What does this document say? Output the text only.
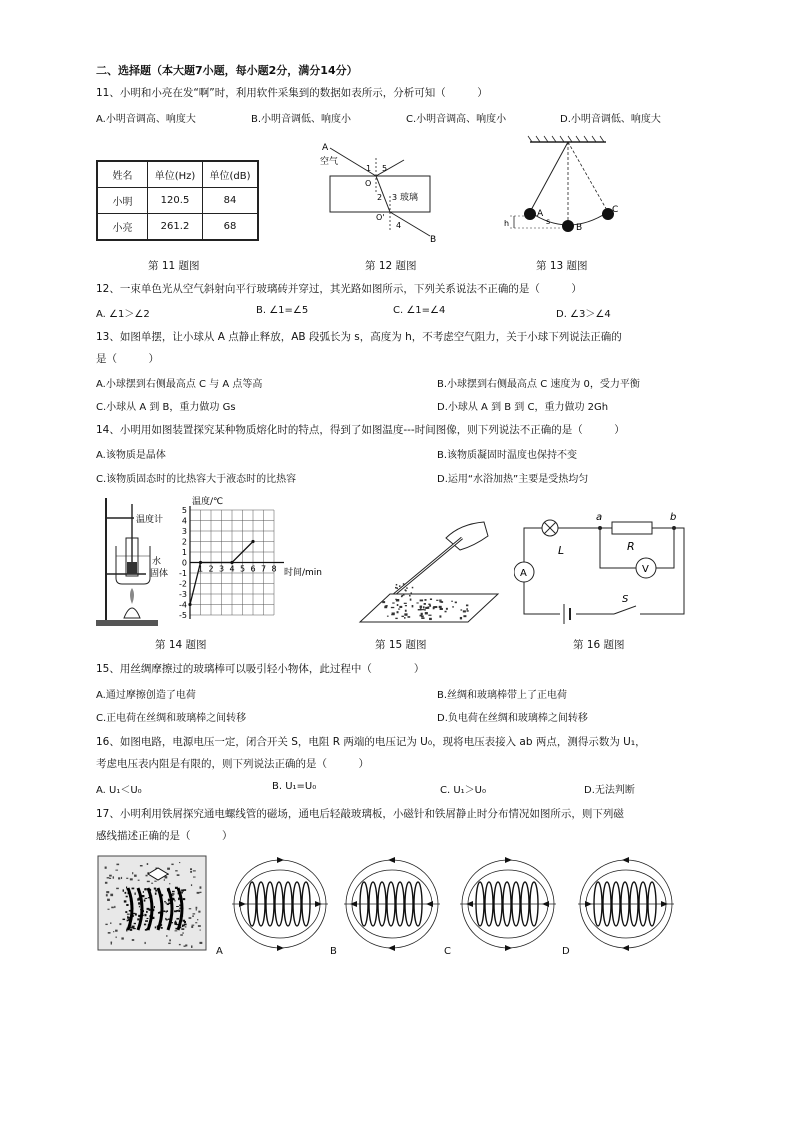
二、选择题（本大题7小题，每小题2分，满分14分）
11、小明和小亮在发“啊”时，利用软件采集到的数据如表所示，分析可知（　　　）
A.小明音调高、响度大	B.小明音调低、响度小	C.小明音调高、响度小	D.小明音调低、响度大
姓名	单位(Hz)	单位(dB)
小明	120.5	84
小亮	261.2	68
A
空气
1 5
O
2 3 玻璃
O'
4
B
A
B
C
s
h
第 11 题图	第 12 题图	第 13 题图
12、一束单色光从空气斜射向平行玻璃砖并穿过，其光路如图所示，下列关系说法不正确的是（　　　）
A. ∠1＞∠2	B. ∠1=∠5	C. ∠1=∠4	D. ∠3＞∠4
13、如图单摆，让小球从 A 点静止释放，AB 段弧长为 s，高度为 h，不考虑空气阻力，关于小球下列说法正确的
是（　　　）
A.小球摆到右侧最高点 C 与 A 点等高	B.小球摆到右侧最高点 C 速度为 0，受力平衡
C.小球从 A 到 B，重力做功 Gs	D.小球从 A 到 B 到 C，重力做功 2Gh
14、小明用如图装置探究某种物质熔化时的特点，得到了如图温度---时间图像，则下列说法不正确的是（　　　）
A.该物质是晶体	B.该物质凝固时温度也保持不变
C.该物质固态时的比热容大于液态时的比热容	D.运用“水浴加热”主要是受热均匀
温度计
水
固体
5
4
3
2
1
0
-1
-2
-3
-4
-5
1 2 3 4 5 6 7 8
温度/℃
时间/min
a	b
L	R
A	V
S
第 14 题图	第 15 题图	第 16 题图
15、用丝绸摩擦过的玻璃棒可以吸引轻小物体，此过程中（　　　　）
A.通过摩擦创造了电荷	B.丝绸和玻璃棒带上了正电荷
C.正电荷在丝绸和玻璃棒之间转移	D.负电荷在丝绸和玻璃棒之间转移
16、如图电路，电源电压一定，闭合开关 S，电阻 R 两端的电压记为 U₀，现将电压表接入 ab 两点，测得示数为 U₁，
考虑电压表内阻是有限的，则下列说法正确的是（　　　）
A. U₁＜U₀	B. U₁=U₀	C. U₁＞U₀	D.无法判断
17、小明利用铁屑探究通电螺线管的磁场，通电后轻敲玻璃板，小磁针和铁屑静止时分布情况如图所示，则下列磁
感线描述正确的是（　　　）
A	B	C	D
